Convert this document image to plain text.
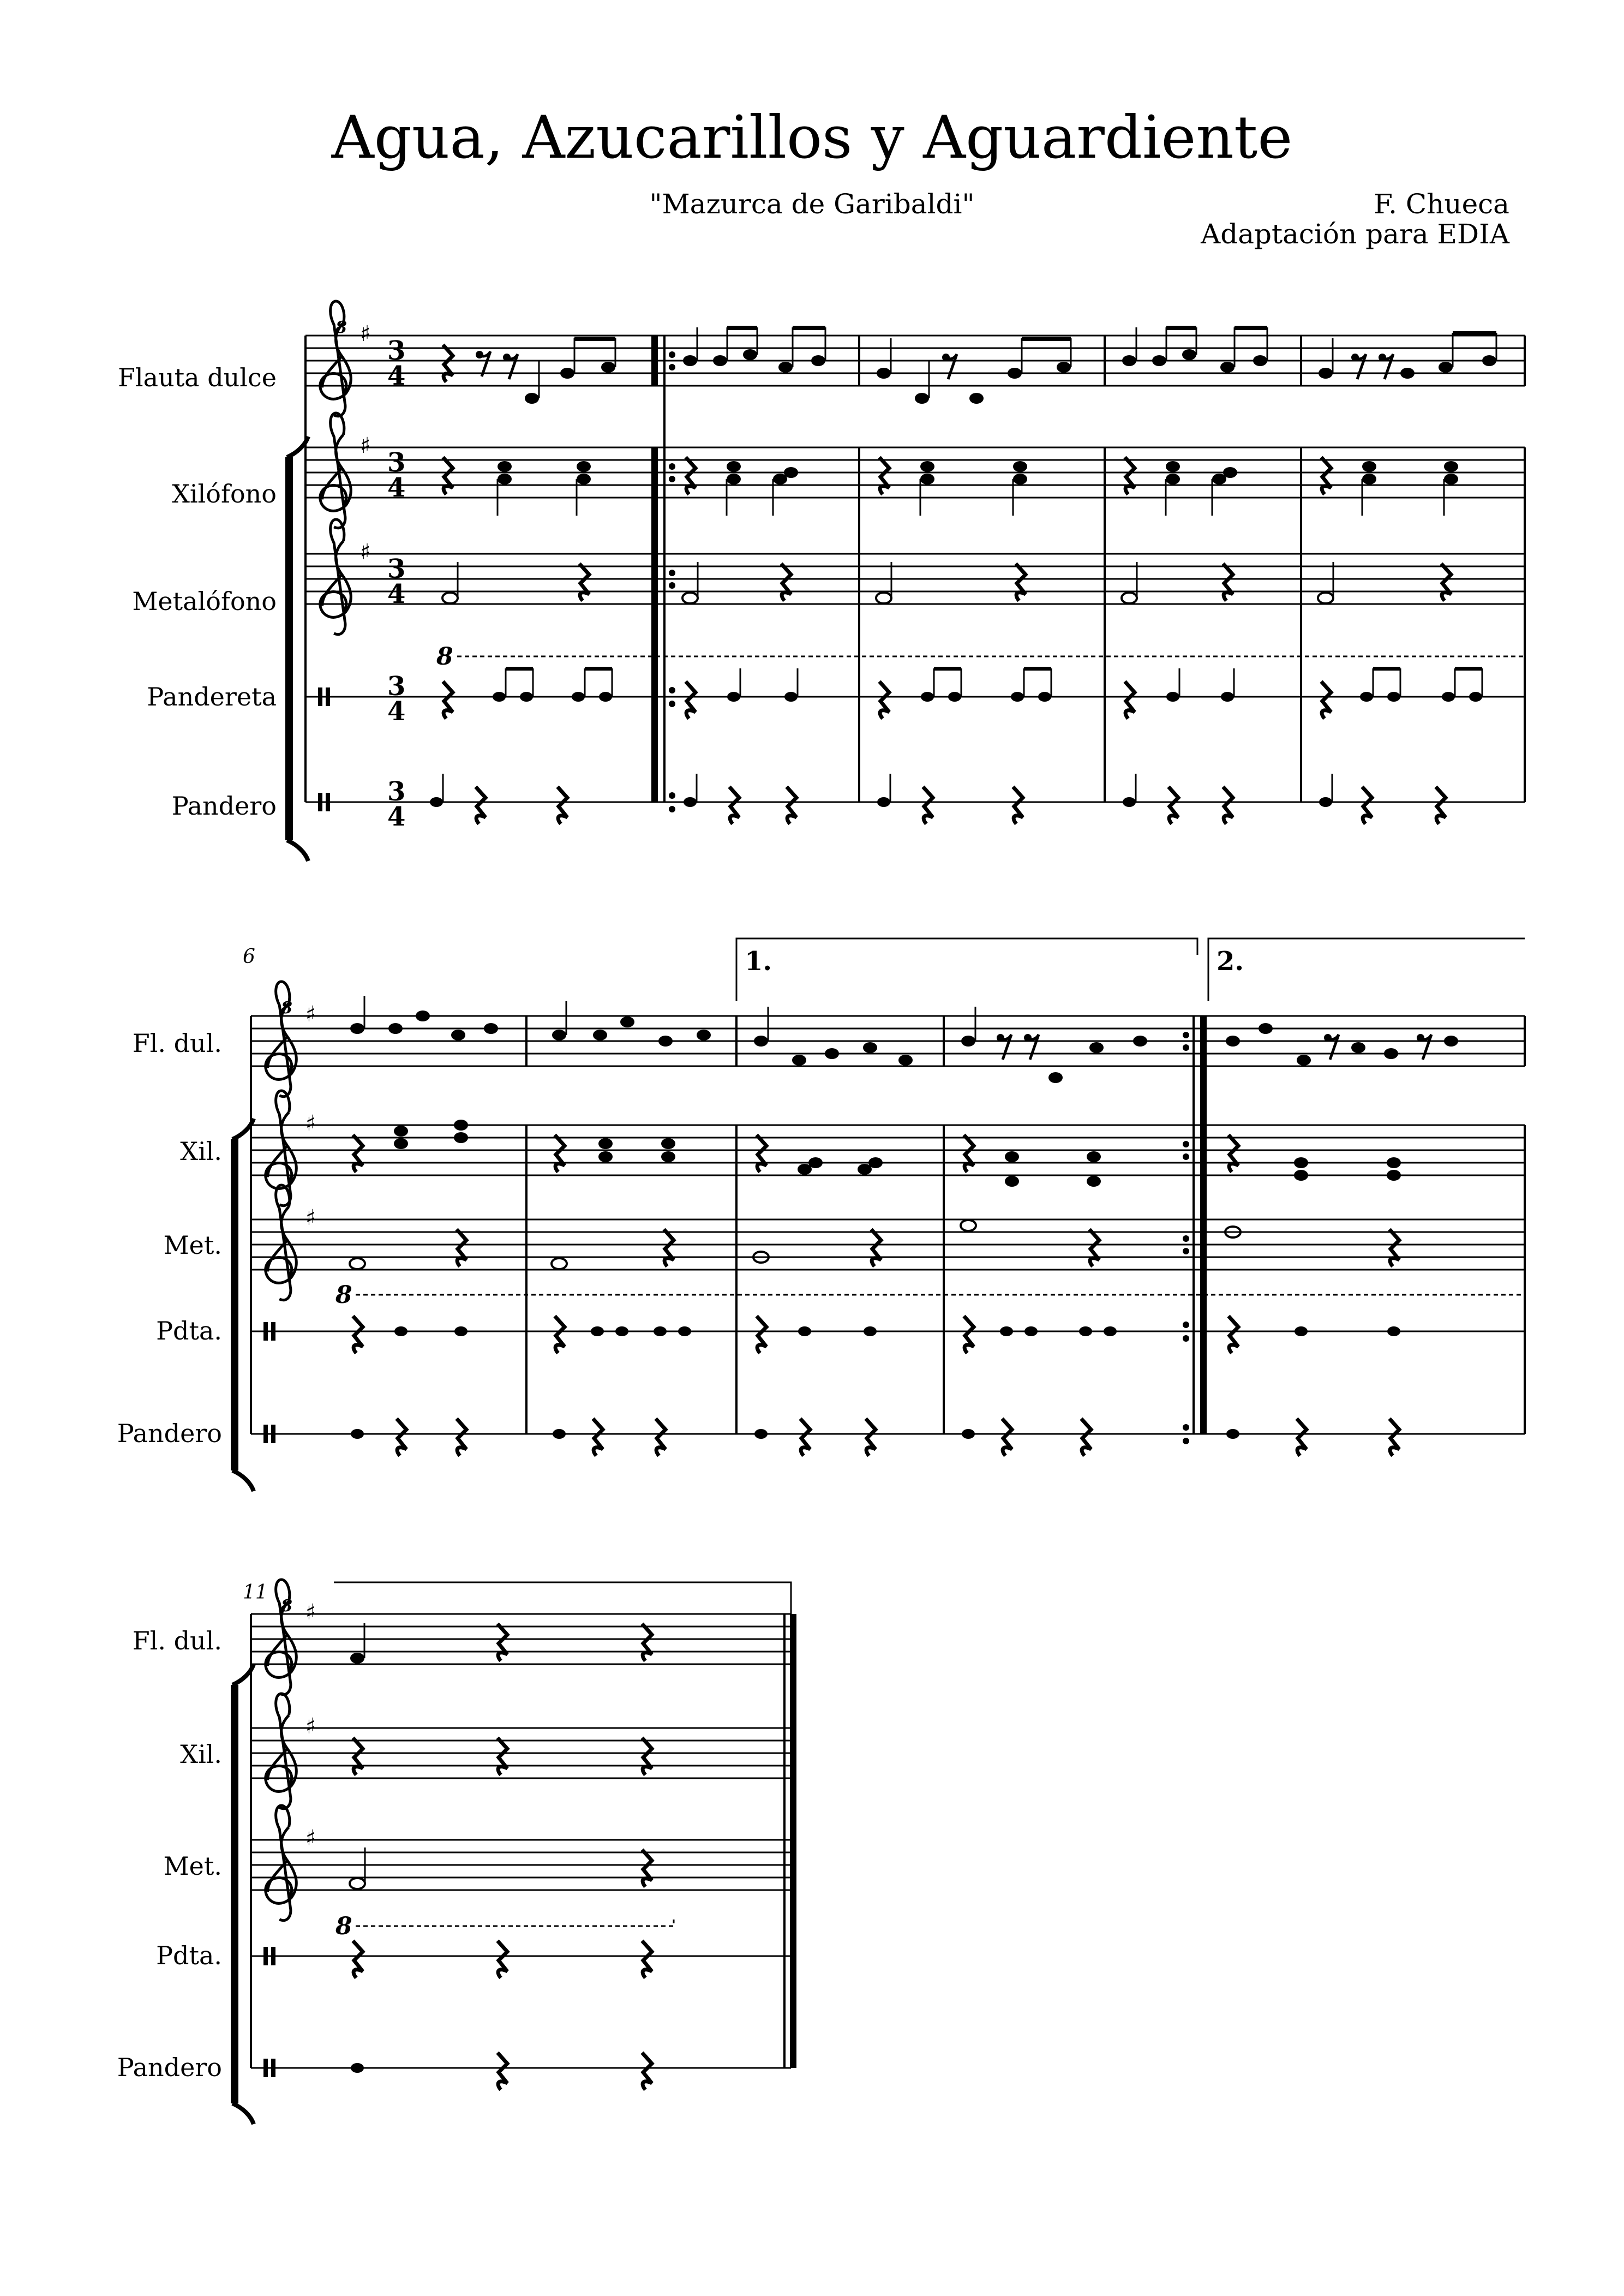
Agua, Azucarillos y Aguardiente
"Mazurca de Garibaldi"	F. Chueca
Adaptación para EDIA
Flauta dulce
Xilófono
Metalófono
Pandereta
Pandero
8 ♯
♯
♯
3
4
3
4
3
4
3
4
3
4
8
6
8 ♯
♯
♯
8
1.	2.
11
8 ♯
♯
♯
8
Fl. dul.
Xil.
Met.
Pdta.
Pandero
Fl. dul.
Xil.
Met.
Pdta.
Pandero
